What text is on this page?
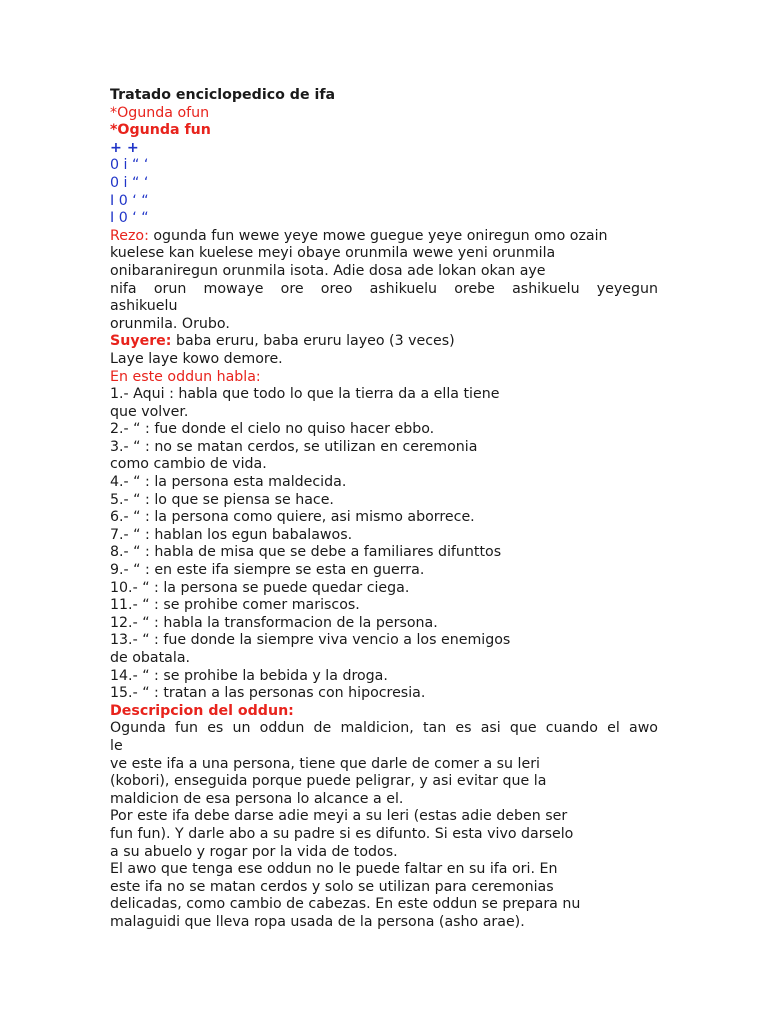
Tratado enciclopedico de ifa
*Ogunda ofun
*Ogunda fun
+ +
0 i “ ‘
0 i “ ‘
I 0 ‘ “
I 0 ‘ “
Rezo: ogunda fun wewe yeye mowe guegue yeye oniregun omo ozain
kuelese kan kuelese meyi obaye orunmila wewe yeni orunmila
onibaraniregun orunmila isota. Adie dosa ade lokan okan aye
nifa orun mowaye ore oreo ashikuelu orebe ashikuelu yeyegun
ashikuelu
orunmila. Orubo.
Suyere: baba eruru, baba eruru layeo (3 veces)
Laye laye kowo demore.
En este oddun habla:
1.- Aqui : habla que todo lo que la tierra da a ella tiene
que volver.
2.- “ : fue donde el cielo no quiso hacer ebbo.
3.- “ : no se matan cerdos, se utilizan en ceremonia
como cambio de vida.
4.- “ : la persona esta maldecida.
5.- “ : lo que se piensa se hace.
6.- “ : la persona como quiere, asi mismo aborrece.
7.- “ : hablan los egun babalawos.
8.- “ : habla de misa que se debe a familiares difunttos
9.- “ : en este ifa siempre se esta en guerra.
10.- “ : la persona se puede quedar ciega.
11.- “ : se prohibe comer mariscos.
12.- “ : habla la transformacion de la persona.
13.- “ : fue donde la siempre viva vencio a los enemigos
de obatala.
14.- “ : se prohibe la bebida y la droga.
15.- “ : tratan a las personas con hipocresia.
Descripcion del oddun:
Ogunda fun es un oddun de maldicion, tan es asi que cuando el awo
le
ve este ifa a una persona, tiene que darle de comer a su leri
(kobori), enseguida porque puede peligrar, y asi evitar que la
maldicion de esa persona lo alcance a el.
Por este ifa debe darse adie meyi a su leri (estas adie deben ser
fun fun). Y darle abo a su padre si es difunto. Si esta vivo darselo
a su abuelo y rogar por la vida de todos.
El awo que tenga ese oddun no le puede faltar en su ifa ori. En
este ifa no se matan cerdos y solo se utilizan para ceremonias
delicadas, como cambio de cabezas. En este oddun se prepara nu
malaguidi que lleva ropa usada de la persona (asho arae).
